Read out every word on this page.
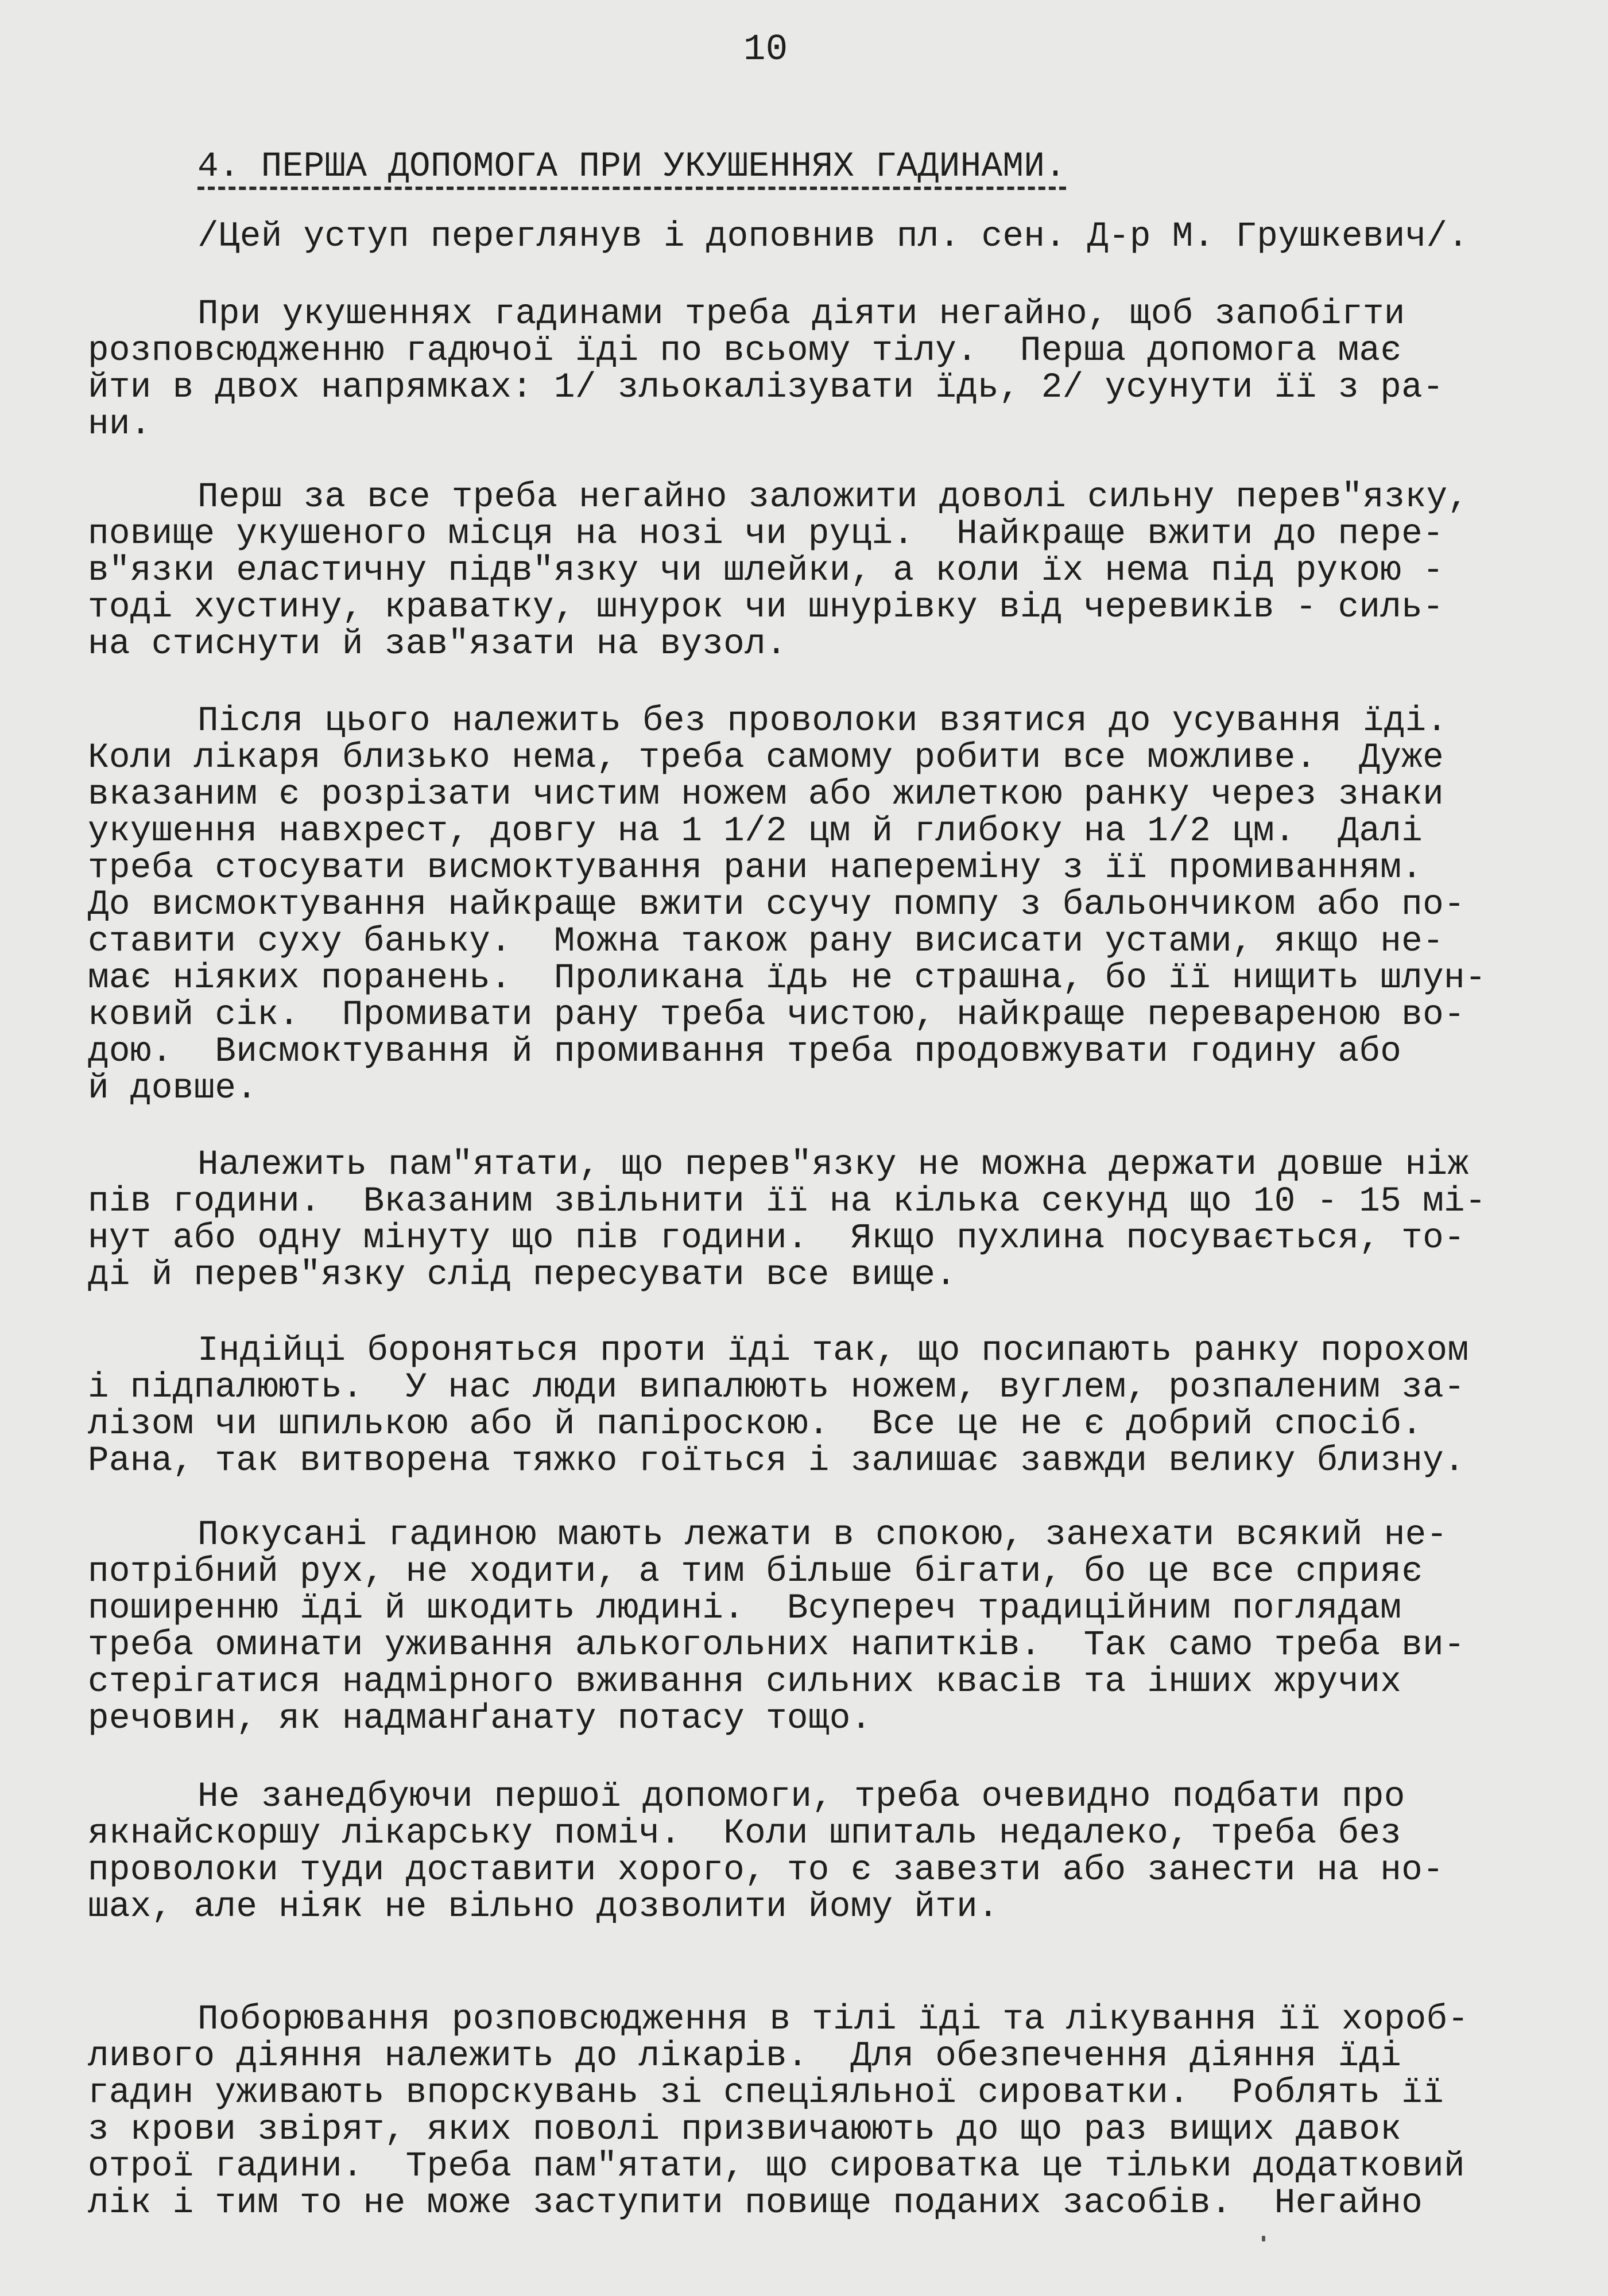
10
4. ПЕРША ДОПОМОГА ПРИ УКУШЕННЯХ ГАДИНАМИ.
/Цей уступ переглянув і доповнив пл. сен. Д-р М. Грушкевич/.
При укушеннях гадинами треба діяти негайно, щоб запобігти
розповсюдженню гадючої їді по всьому тілу.  Перша допомога має
йти в двох напрямках: 1/ зльокалізувати їдь, 2/ усунути її з ра-
ни.
Перш за все треба негайно заложити доволі сильну перев"язку,
повище укушеного місця на нозі чи руці.  Найкраще вжити до пере-
в"язки еластичну підв"язку чи шлейки, а коли їх нема під рукою -
тоді хустину, краватку, шнурок чи шнурівку від черевиків - силь-
на стиснути й зав"язати на вузол.
Після цього належить без проволоки взятися до усування їді.
Коли лікаря близько нема, треба самому робити все можливе.  Дуже
вказаним є розрізати чистим ножем або жилеткою ранку через знаки
укушення навхрест, довгу на 1 1/2 цм й глибоку на 1/2 цм.  Далі
треба стосувати висмоктування рани напереміну з її промиванням.
До висмоктування найкраще вжити ссучу помпу з бальончиком або по-
ставити суху баньку.  Можна також рану висисати устами, якщо не-
має ніяких поранень.  Проликана їдь не страшна, бо її нищить шлун-
ковий сік.  Промивати рану треба чистою, найкраще перевареною во-
дою.  Висмоктування й промивання треба продовжувати годину або
й довше.
Належить пам"ятати, що перев"язку не можна держати довше ніж
пів години.  Вказаним звільнити її на кілька секунд що 10 - 15 мі-
нут або одну мінуту що пів години.  Якщо пухлина посувається, то-
ді й перев"язку слід пересувати все вище.
Індійці бороняться проти їді так, що посипають ранку порохом
і підпалюють.  У нас люди випалюють ножем, вуглем, розпаленим за-
лізом чи шпилькою або й папіроскою.  Все це не є добрий спосіб.
Рана, так витворена тяжко гоїться і залишає завжди велику близну.
Покусані гадиною мають лежати в спокою, занехати всякий не-
потрібний рух, не ходити, а тим більше бігати, бо це все сприяє
поширенню їді й шкодить людині.  Всупереч традиційним поглядам
треба оминати уживання алькогольних напитків.  Так само треба ви-
стерігатися надмірного вживання сильних квасів та інших жручих
речовин, як надманґанату потасу тощо.
Не занедбуючи першої допомоги, треба очевидно подбати про
якнайскоршу лікарську поміч.  Коли шпиталь недалеко, треба без
проволоки туди доставити хорого, то є завезти або занести на но-
шах, але ніяк не вільно дозволити йому йти.
Поборювання розповсюдження в тілі їді та лікування її хороб-
ливого діяння належить до лікарів.  Для обезпечення діяння їді
гадин уживають впорскувань зі спеціяльної сироватки.  Роблять її
з крови звірят, яких поволі призвичаюють до що раз вищих давок
отрої гадини.  Треба пам"ятати, що сироватка це тільки додатковий
лік і тим то не може заступити повище поданих засобів.  Негайно
